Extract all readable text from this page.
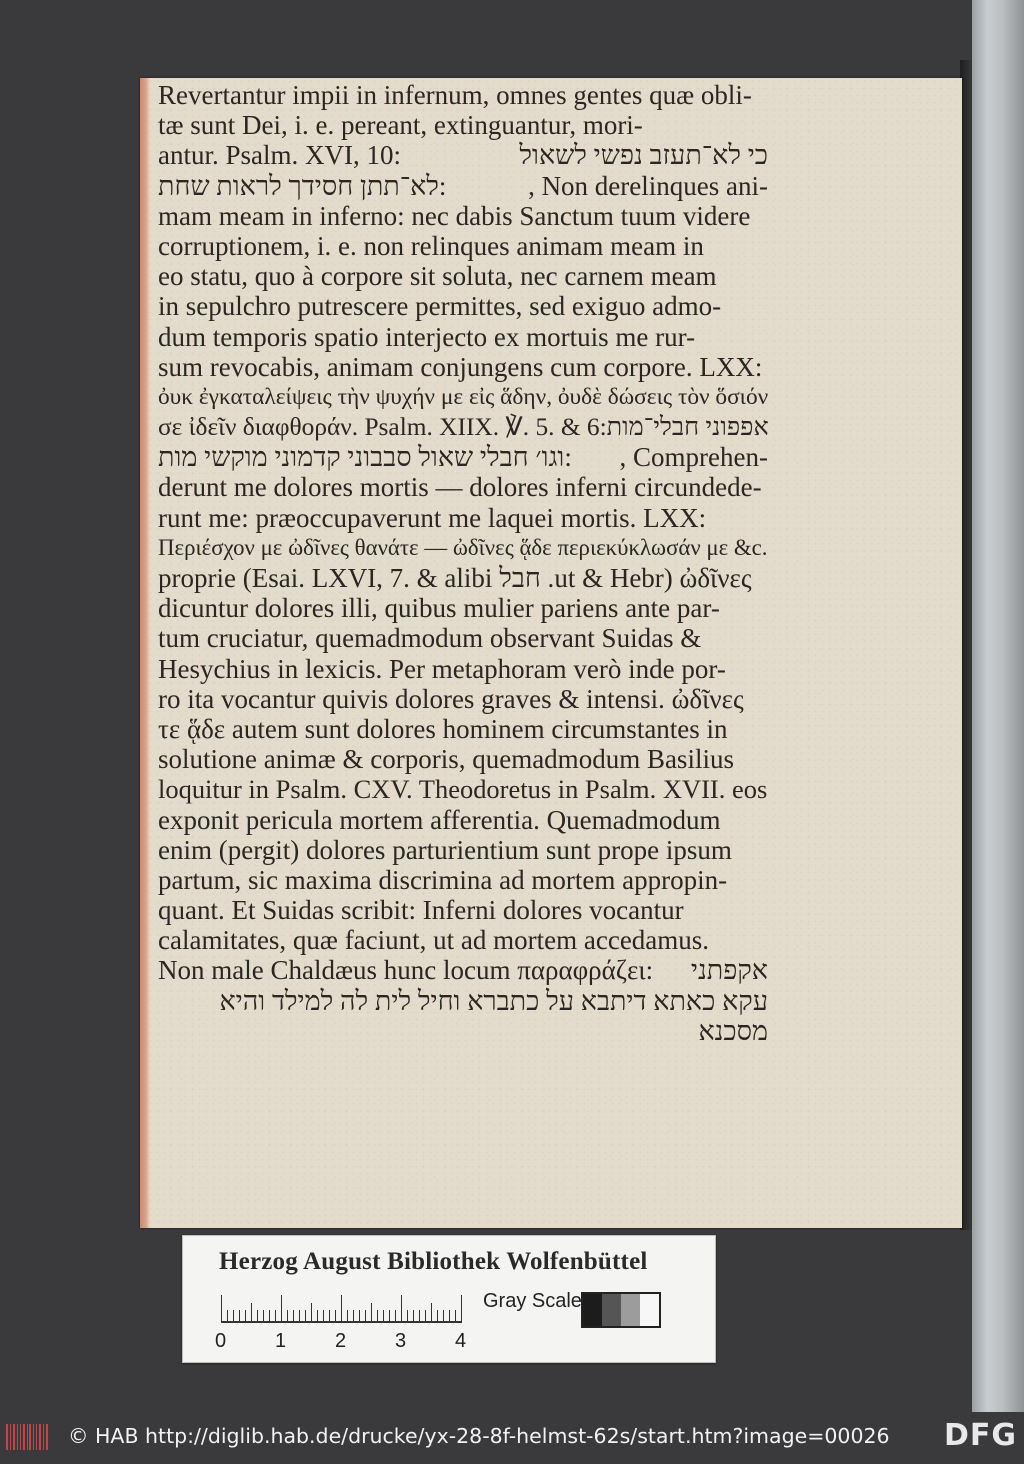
Revertantur impii in infernum, omnes gentes quæ obli-
tæ sunt Dei, i. e. pereant, extinguantur, mori-
antur. Psalm. XVI, 10:	כי לא־תעזב נפשי לשאול
:לא־תתן חסידך לראות שחת	, Non derelinques ani-
mam meam in inferno: nec dabis Sanctum tuum videre
corruptionem, i. e. non relinques animam meam in
eo statu, quo à corpore sit soluta, nec carnem meam
in sepulchro putrescere permittes, sed exiguo admo-
dum temporis spatio interjecto ex mortuis me rur-
sum revocabis, animam conjungens cum corpore. LXX:
ὀυκ ἐγκαταλείψεις τὴν ψυχήν με εἰς ἅδην, ὀυδὲ δώσεις τὸν ὅσιόν
σε ἰδεῖν διαφθοράν. Psalm. XIIX. ℣. 5. & 6: אפפוני חבלי־מות
:וגו׳ חבלי שאול סבבוני קדמוני מוקשי מות , Comprehen-
derunt me dolores mortis — dolores inferni circundede-
runt me: præoccupaverunt me laquei mortis. LXX:
Περιέσχον με ὠδῖνες θανάτε — ὠδῖνες ᾅδε περιεκύκλωσάν με &c.
ὠδῖνες (ut & Hebr. חבל Esai. LXVI, 7. & alibi) proprie
dicuntur dolores illi, quibus mulier pariens ante par-
tum cruciatur, quemadmodum observant Suidas &
Hesychius in lexicis. Per metaphoram verò inde por-
ro ita vocantur quivis dolores graves & intensi. ὠδῖνες
τε ᾅδε autem sunt dolores hominem circumstantes in
solutione animæ & corporis, quemadmodum Basilius
loquitur in Psalm. CXV. Theodoretus in Psalm. XVII. eos
exponit pericula mortem afferentia. Quemadmodum
enim (pergit) dolores parturientium sunt prope ipsum
partum, sic maxima discrimina ad mortem appropin-
quant. Et Suidas scribit: Inferni dolores vocantur
calamitates, quæ faciunt, ut ad mortem accedamus.
Non male Chaldæus hunc locum παραφράζει: אקפתני
עקא כאתא דיתבא על כתברא וחיל לית לה למילד והיא
מסכנא
Herzog August Bibliothek Wolfenbüttel
Gray Scale
0 1 2 3 4
© HAB http://diglib.hab.de/drucke/yx-28-8f-helmst-62s/start.htm?image=00026 DFG
